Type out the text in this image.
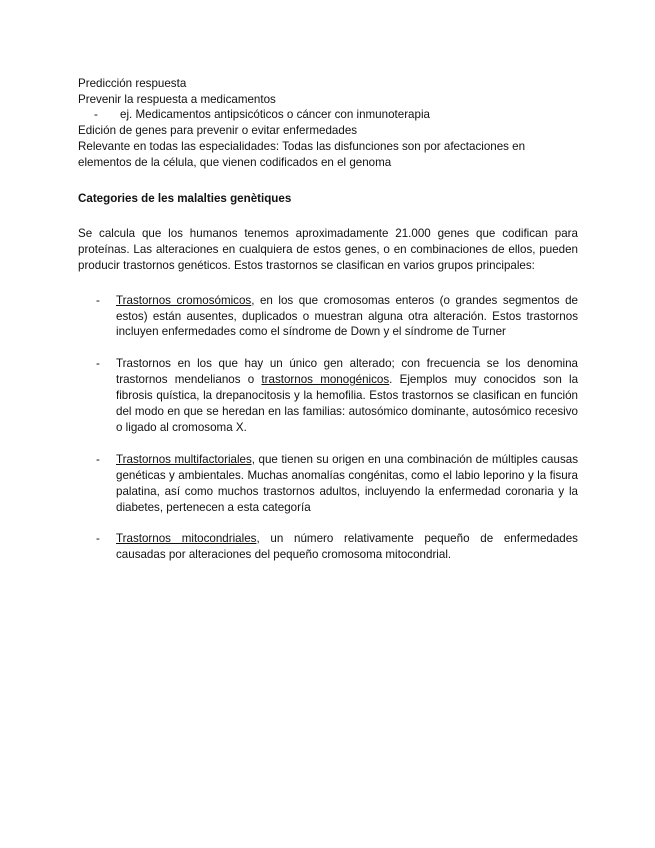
Predicción respuesta
Prevenir la respuesta a medicamentos
- ej. Medicamentos antipsicóticos o cáncer con inmunoterapia
Edición de genes para prevenir o evitar enfermedades
Relevante en todas las especialidades: Todas las disfunciones son por afectaciones en elementos de la célula, que vienen codificados en el genoma
Categories de les malalties genètiques
Se calcula que los humanos tenemos aproximadamente 21.000 genes que codifican para proteínas. Las alteraciones en cualquiera de estos genes, o en combinaciones de ellos, pueden producir trastornos genéticos. Estos trastornos se clasifican en varios grupos principales:
- Trastornos cromosómicos, en los que cromosomas enteros (o grandes segmentos de estos) están ausentes, duplicados o muestran alguna otra alteración. Estos trastornos incluyen enfermedades como el síndrome de Down y el síndrome de Turner
- Trastornos en los que hay un único gen alterado; con frecuencia se los denomina trastornos mendelianos o trastornos monogénicos. Ejemplos muy conocidos son la fibrosis quística, la drepanocitosis y la hemofilia. Estos trastornos se clasifican en función del modo en que se heredan en las familias: autosómico dominante, autosómico recesivo o ligado al cromosoma X.
- Trastornos multifactoriales, que tienen su origen en una combinación de múltiples causas genéticas y ambientales. Muchas anomalías congénitas, como el labio leporino y la fisura palatina, así como muchos trastornos adultos, incluyendo la enfermedad coronaria y la diabetes, pertenecen a esta categoría
- Trastornos mitocondriales, un número relativamente pequeño de enfermedades causadas por alteraciones del pequeño cromosoma mitocondrial.
